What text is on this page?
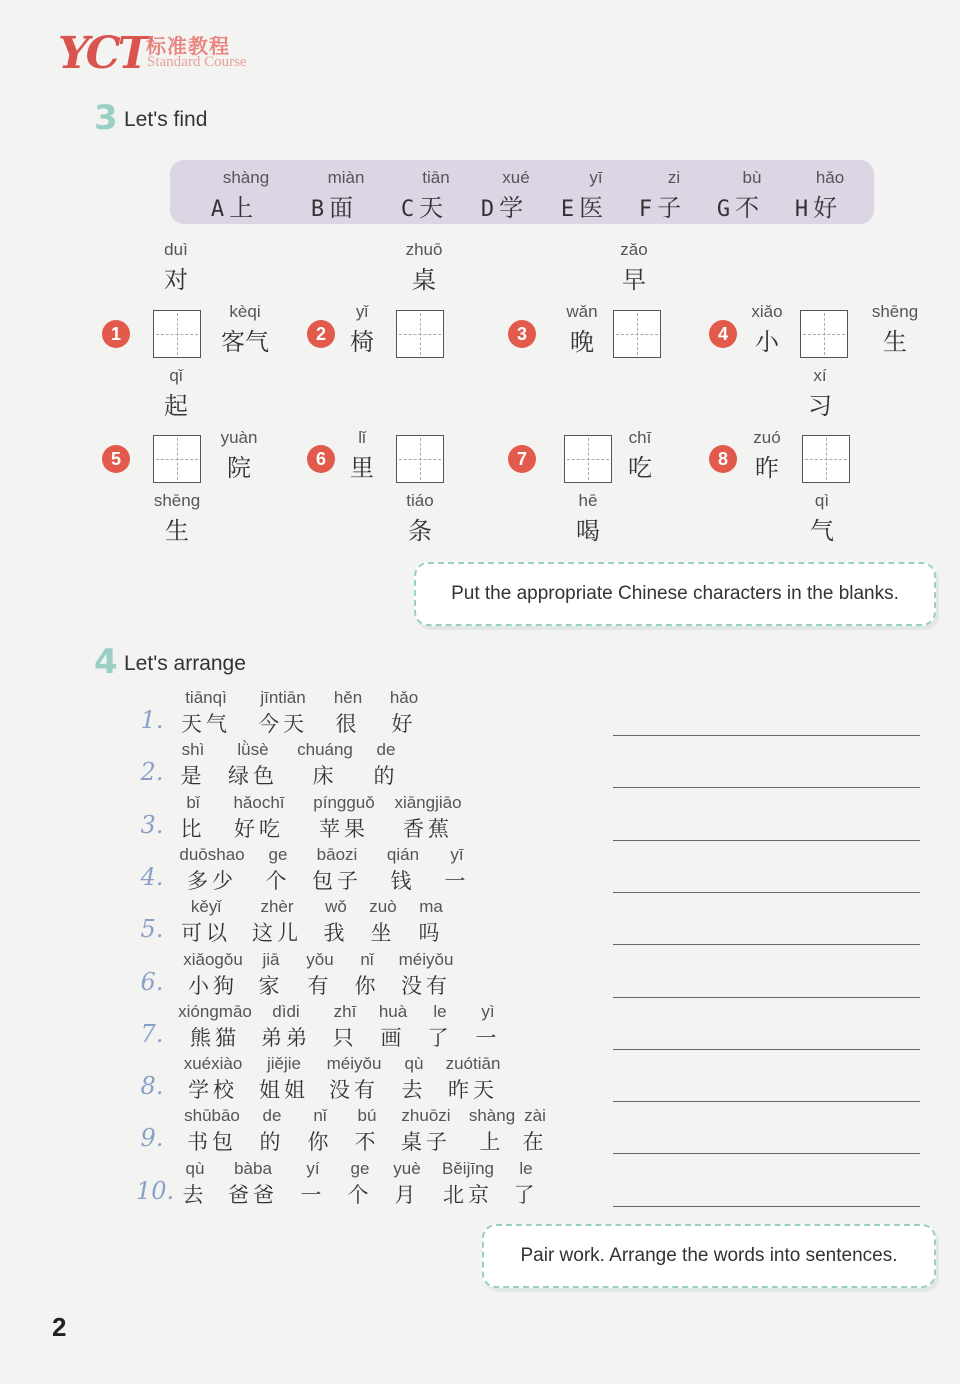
YCT
标准教程
Standard Course
3 Let's find
shàng
A 上
miàn
B 面
tiān
C 天
xué
D 学
yī
E 医
zi
F 子
bù
G 不
hǎo
H 好
duì
对
zhuō
桌
zǎo
早
1
kèqi
客气	2
yǐ
椅	3
wǎn
晚	4
xiǎo
小
shēng
生
qǐ
起
xí
习
5
yuàn
院	6
lǐ
里	7
chī
吃	8
zuó
昨
shēng
生
tiáo
条
hē
喝
qì
气
Put the appropriate Chinese characters in the blanks.
4 Let's arrange
1.
tiānqì
天气
jīntiān
今天
hěn
很
hǎo
好
2.
shì
是
lǜsè
绿色
chuáng
床
de
的
3.
bǐ
比
hǎochī
好吃
píngguǒ
苹果
xiāngjiāo
香蕉
4.
duōshao
多少
ge
个
bāozi
包子
qián
钱
yī
一
5.
kěyǐ
可以
zhèr
这儿
wǒ
我
zuò
坐
ma
吗
6.
xiǎogǒu
小狗
jiā
家
yǒu
有
nǐ
你
méiyǒu
没有
7.
xióngmāo
熊猫
dìdi
弟弟
zhī
只
huà
画
le
了
yì
一
8.
xuéxiào
学校
jiějie
姐姐
méiyǒu
没有
qù
去
zuótiān
昨天
9.
shūbāo
书包
de
的
nǐ
你
bú
不
zhuōzi
桌子
shàng
上
zài
在
10.
qù
去
bàba
爸爸
yí
一
ge
个
yuè
月
Běijīng
北京
le
了
Pair work. Arrange the words into sentences.
2
